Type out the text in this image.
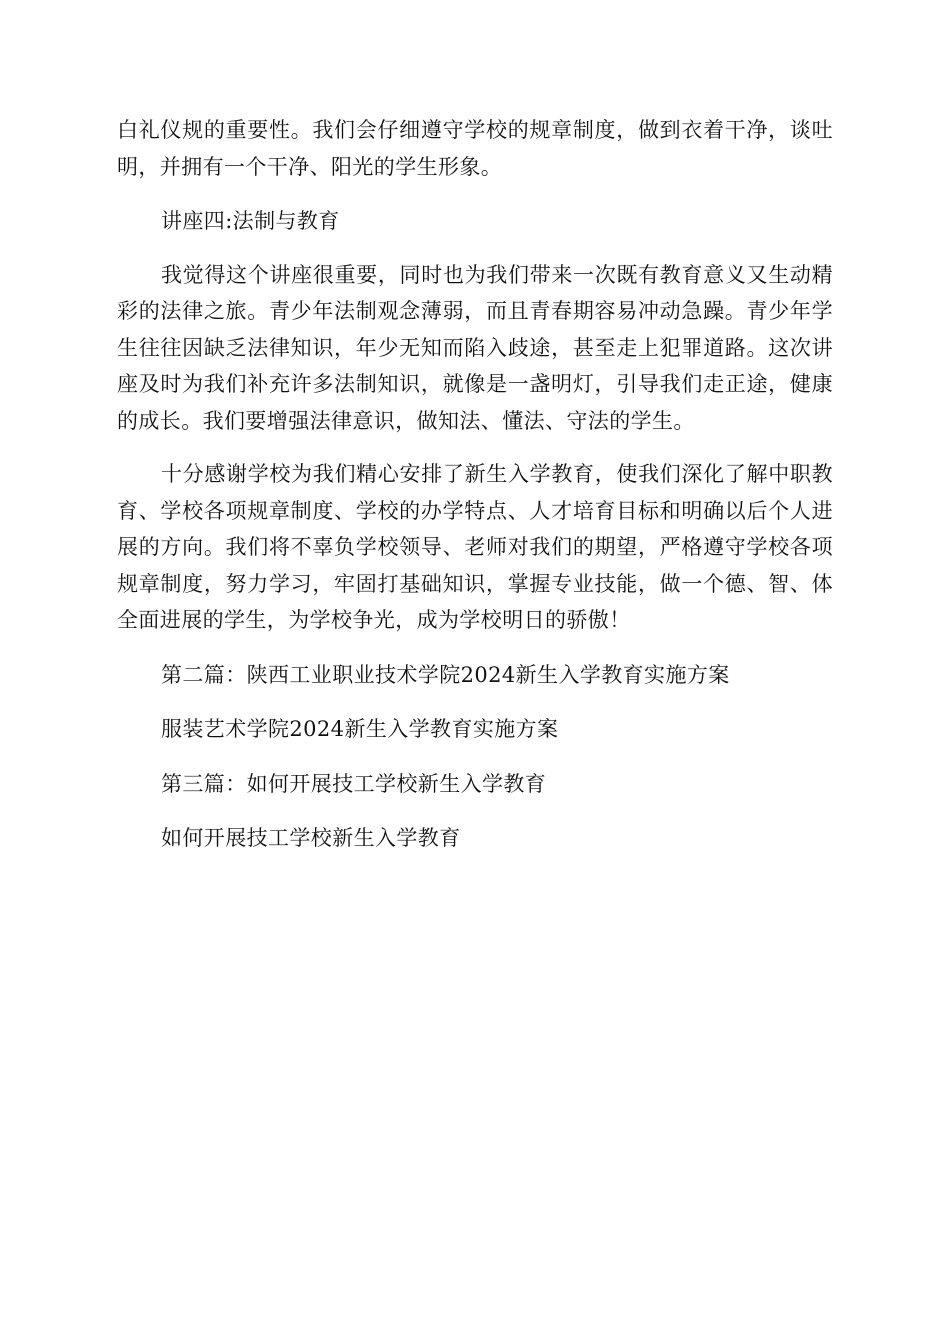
白礼仪规的重要性。我们会仔细遵守学校的规章制度，做到衣着干净，谈吐明，并拥有一个干净、阳光的学生形象。

讲座四:法制与教育

我觉得这个讲座很重要，同时也为我们带来一次既有教育意义又生动精彩的法律之旅。青少年法制观念薄弱，而且青春期容易冲动急躁。青少年学生往往因缺乏法律知识，年少无知而陷入歧途，甚至走上犯罪道路。这次讲座及时为我们补充许多法制知识，就像是一盏明灯，引导我们走正途，健康的成长。我们要增强法律意识，做知法、懂法、守法的学生。

十分感谢学校为我们精心安排了新生入学教育，使我们深化了解中职教育、学校各项规章制度、学校的办学特点、人才培育目标和明确以后个人进展的方向。我们将不辜负学校领导、老师对我们的期望，严格遵守学校各项规章制度，努力学习，牢固打基础知识，掌握专业技能，做一个德、智、体全面进展的学生，为学校争光，成为学校明日的骄傲！

第二篇：陕西工业职业技术学院2024新生入学教育实施方案

服装艺术学院2024新生入学教育实施方案

第三篇：如何开展技工学校新生入学教育

如何开展技工学校新生入学教育
